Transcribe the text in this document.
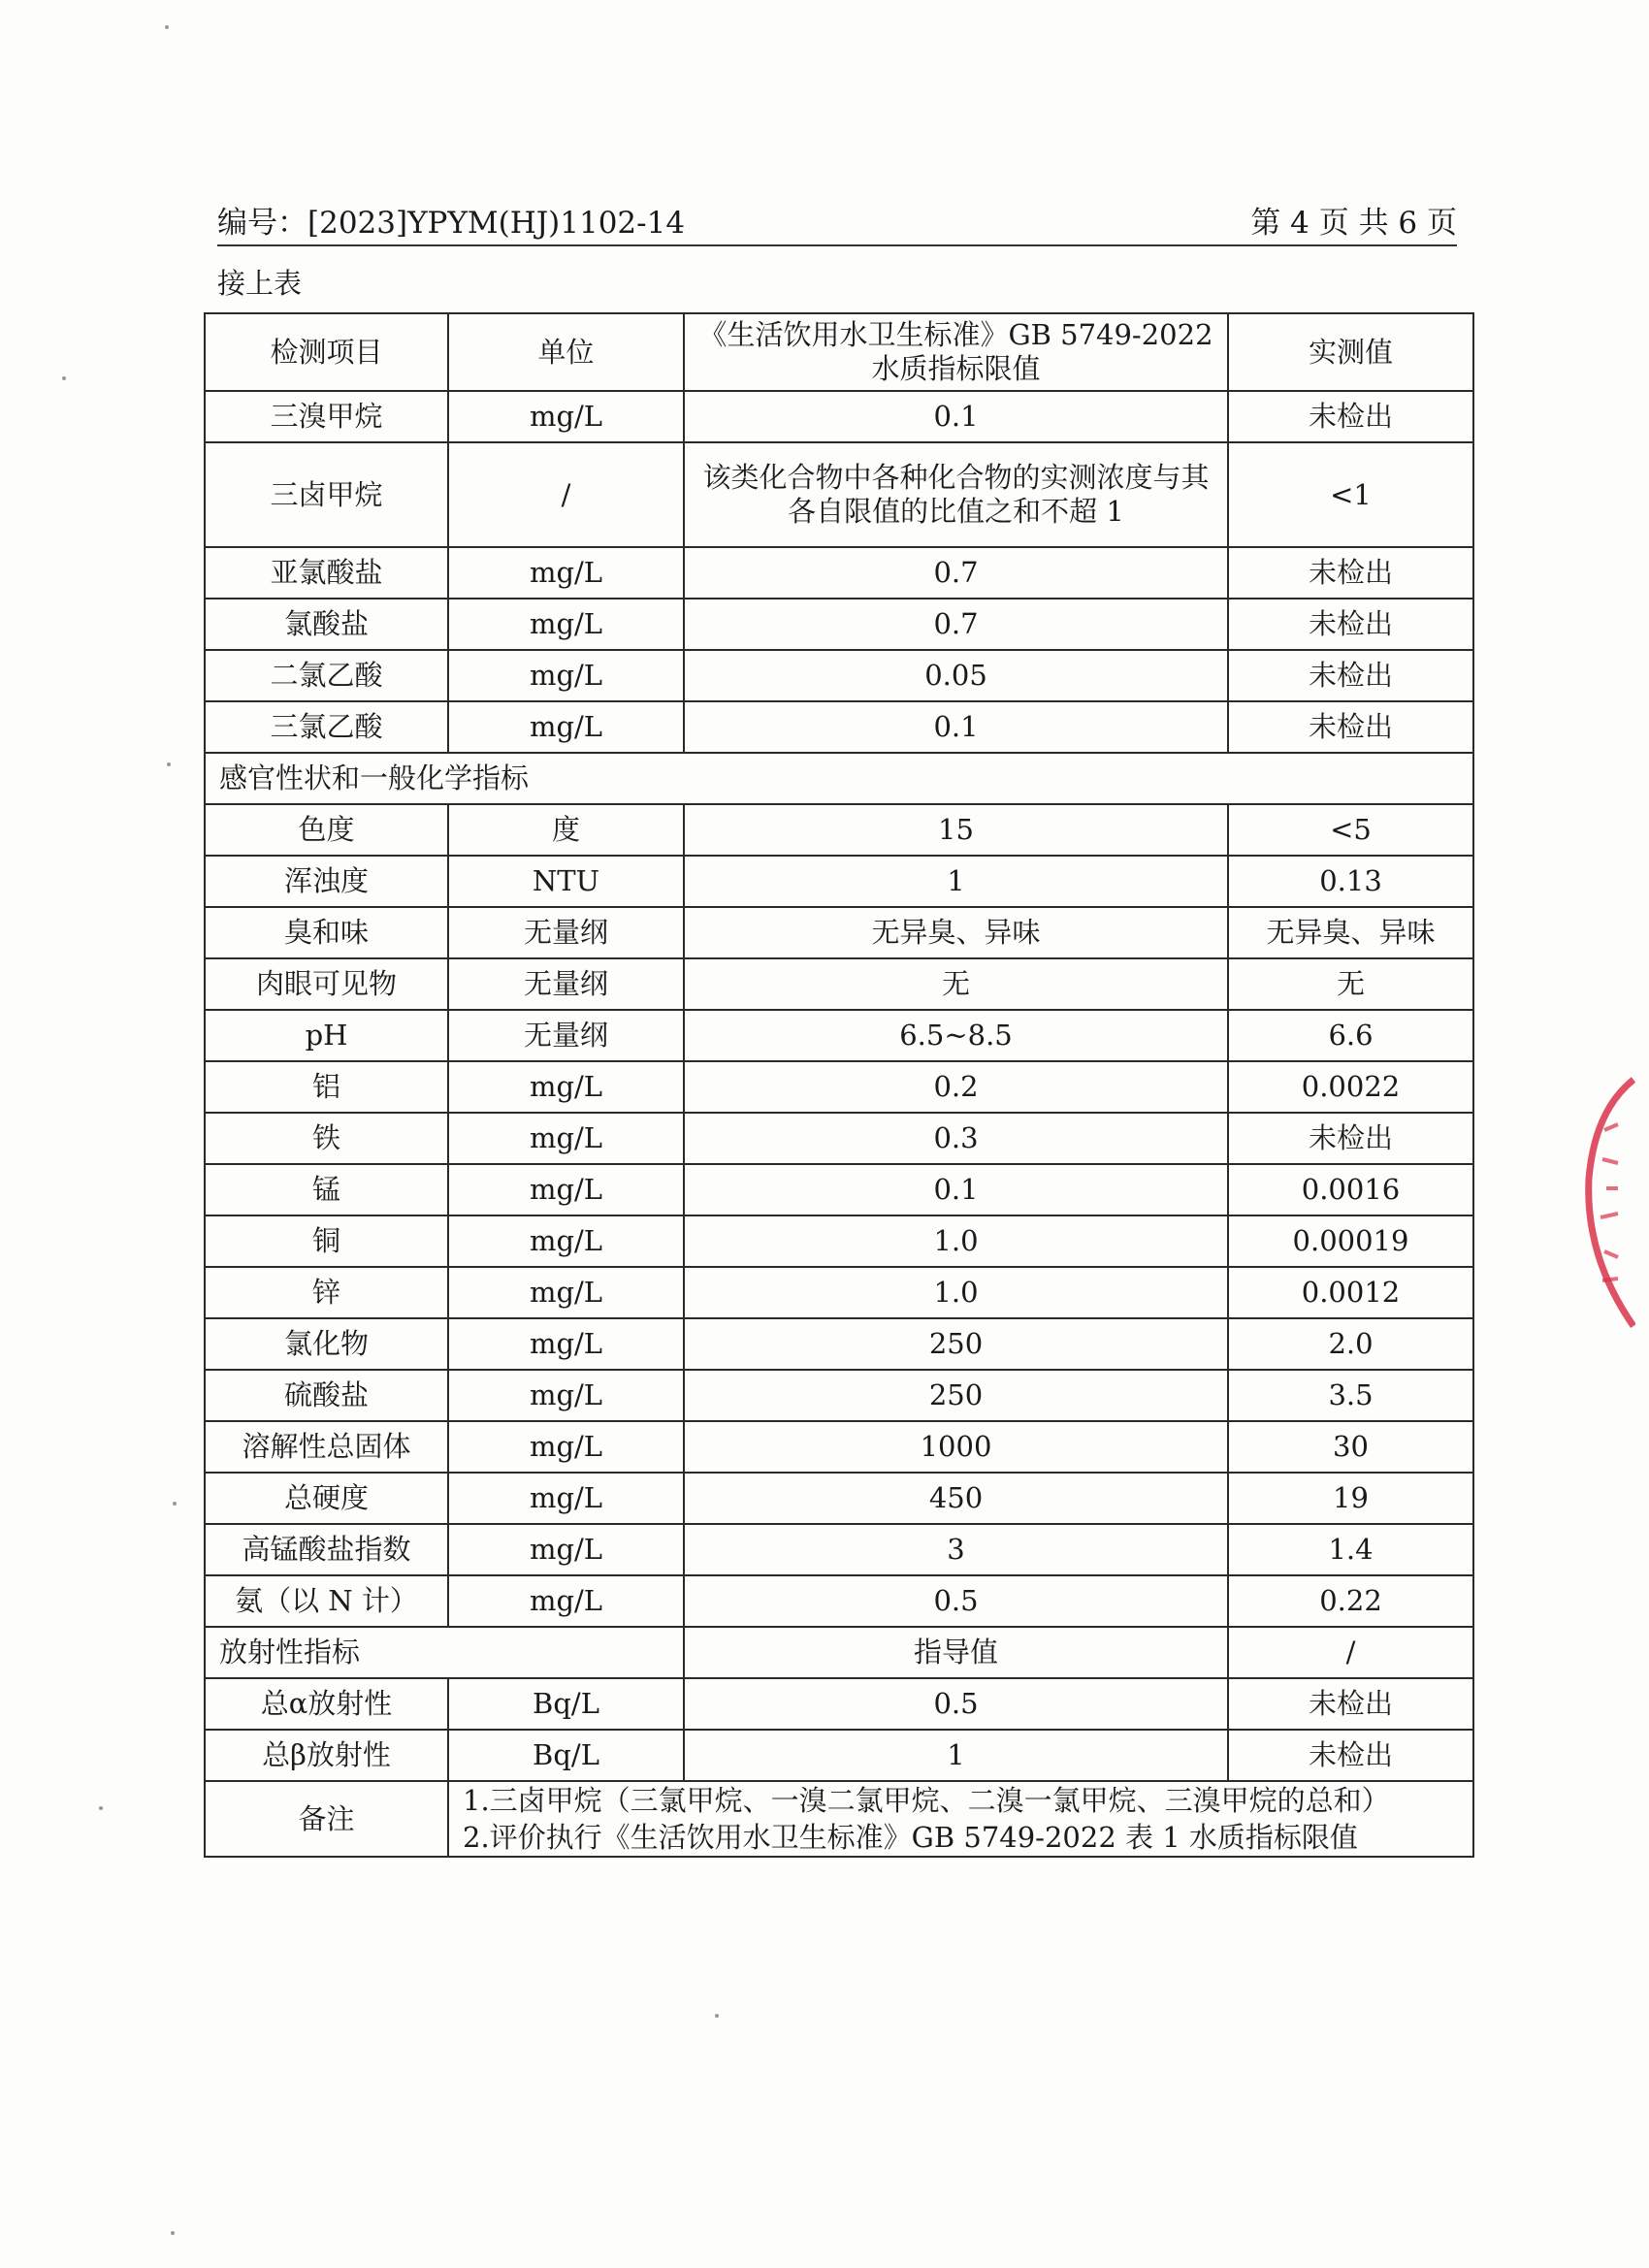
编号：[2023]YPYM(HJ)1102-14	第 4 页 共 6 页
接上表
检测项目	单位	《生活饮用水卫生标准》GB 5749-2022 水质指标限值	实测值
三溴甲烷	mg/L	0.1	未检出
三卤甲烷	/	该类化合物中各种化合物的实测浓度与其各自限值的比值之和不超 1	<1
亚氯酸盐	mg/L	0.7	未检出
氯酸盐	mg/L	0.7	未检出
二氯乙酸	mg/L	0.05	未检出
三氯乙酸	mg/L	0.1	未检出
感官性状和一般化学指标			
色度	度	15	<5
浑浊度	NTU	1	0.13
臭和味	无量纲	无异臭、异味	无异臭、异味
肉眼可见物	无量纲	无	无
pH	无量纲	6.5~8.5	6.6
铝	mg/L	0.2	0.0022
铁	mg/L	0.3	未检出
锰	mg/L	0.1	0.0016
铜	mg/L	1.0	0.00019
锌	mg/L	1.0	0.0012
氯化物	mg/L	250	2.0
硫酸盐	mg/L	250	3.5
溶解性总固体	mg/L	1000	30
总硬度	mg/L	450	19
高锰酸盐指数	mg/L	3	1.4
氨（以 N 计）	mg/L	0.5	0.22
放射性指标		指导值	/
总α放射性	Bq/L	0.5	未检出
总β放射性	Bq/L	1	未检出
备注	1.三卤甲烷（三氯甲烷、一溴二氯甲烷、二溴一氯甲烷、三溴甲烷的总和）
2.评价执行《生活饮用水卫生标准》GB 5749-2022 表 1 水质指标限值		
